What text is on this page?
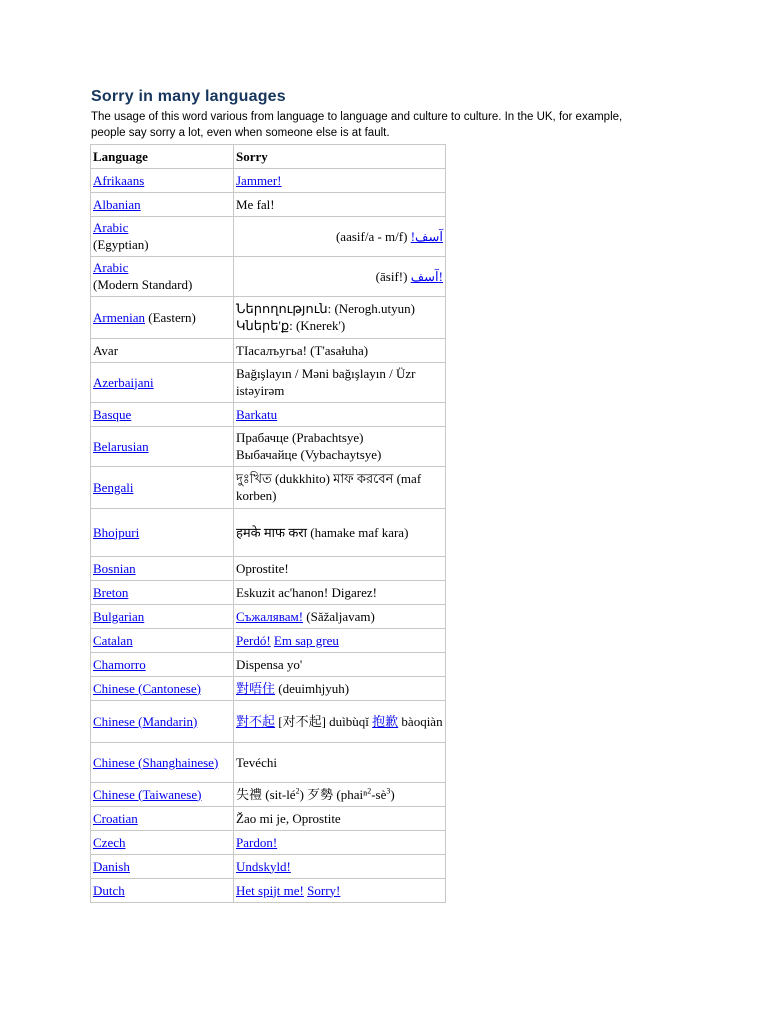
Sorry in many languages

The usage of this word various from language to language and culture to culture. In the UK, for example, people say sorry a lot, even when someone else is at fault.

Language	Sorry
Afrikaans	Jammer!
Albanian	Me fal!
Arabic
(Egyptian)	(aasif/a - m/f) !آسف
Arabic
(Modern Standard)	(āsif!) آسف!
Armenian (Eastern)	Ներողություն: (Nerogh.utyun)
Կներե'ք: (Knerek')
Avar	ТIасалъугьа! (T'asałuha)
Azerbaijani	Bağışlayın / Məni bağışlayın / Üzr istəyirəm
Basque	Barkatu
Belarusian	Прабачце (Prabachtsye)
Выбачайце (Vybachaytsye)
Bengali	দুঃখিত (dukkhito) মাফ করবেন (maf korben)
Bhojpuri	हमके माफ करा (hamake maf kara)
Bosnian	Oprostite!
Breton	Eskuzit ac'hanon! Digarez!
Bulgarian	Съжалявам! (Săžaljavam)
Catalan	Perdó! Em sap greu
Chamorro	Dispensa yo'
Chinese (Cantonese)	對唔住 (deuimhjyuh)
Chinese (Mandarin)	對不起 [对不起] duìbùqǐ 抱歉 bàoqiàn
Chinese (Shanghainese)	Tevéchi
Chinese (Taiwanese)	失禮 $(sit-lé^2)$ 歹勢 $(phai^n^2-sè^3)$
Croatian	Žao mi je, Oprostite
Czech	Pardon!
Danish	Undskyld!
Dutch	Het spijt me! Sorry!
